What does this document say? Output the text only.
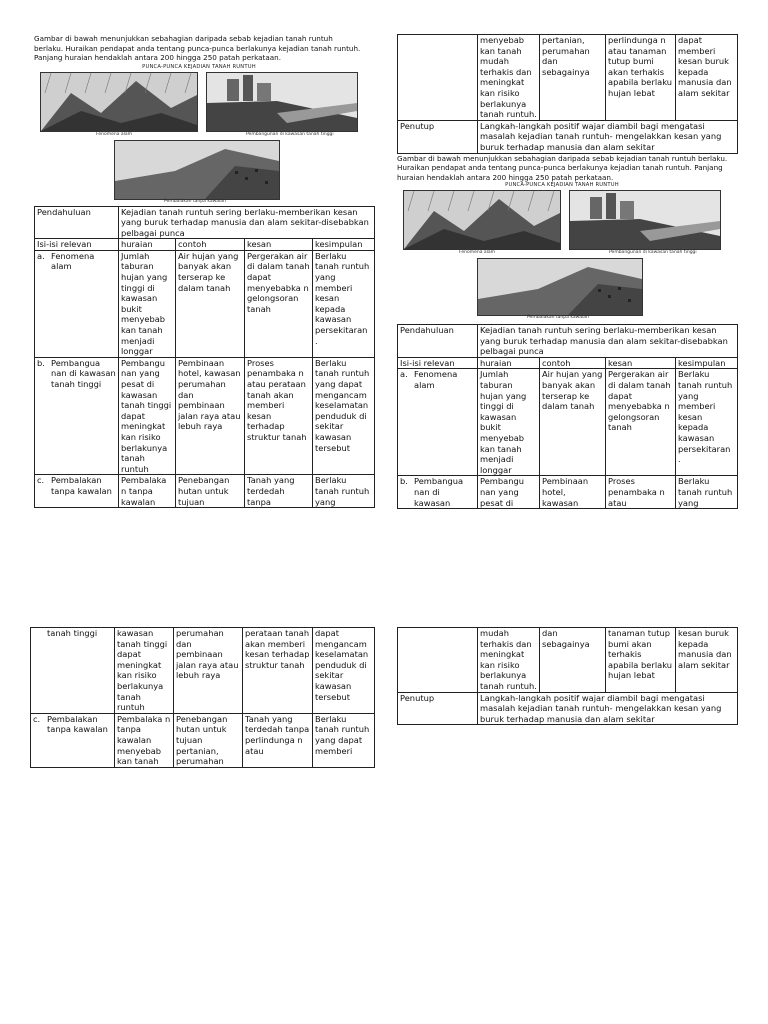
Gambar di bawah menunjukkan sebahagian daripada sebab kejadian tanah runtuh berlaku. Huraikan pendapat anda tentang punca-punca berlakunya kejadian tanah runtuh. Panjang huraian hendaklah antara 200 hingga 250 patah perkataan.

PUNCA-PUNCA KEJADIAN TANAH RUNTUH
Fenomena alam	Pembangunan di kawasan tanah tinggi
Pembalakan tanpa kawalan
Pendahuluan	Kejadian tanah runtuh sering berlaku-memberikan kesan yang buruk terhadap manusia dan alam sekitar-disebabkan pelbagai punca			
Isi-isi relevan	huraian	contoh	kesan	kesimpulan

a. Fenomena alam	Jumlah taburan hujan yang tinggi di kawasan bukit menyebab kan tanah menjadi longgar	Air hujan yang banyak akan terserap ke dalam tanah	Pergerakan air di dalam tanah dapat menyebabka n gelongsoran tanah	Berlaku tanah runtuh yang memberi kesan kepada kawasan persekitaran .

b. Pembangua nan di kawasan tanah tinggi	Pembangu nan yang pesat di kawasan tanah tinggi dapat meningkat kan risiko berlakunya tanah runtuh	Pembinaan hotel, kawasan perumahan dan pembinaan jalan raya atau lebuh raya	Proses penambaka n atau perataan tanah akan memberi kesan terhadap struktur tanah	Berlaku tanah runtuh yang dapat mengancam keselamatan penduduk di sekitar kawasan tersebut

c. Pembalakan tanpa kawalan	Pembalaka n tanpa kawalan	Penebangan hutan untuk tujuan	Tanah yang terdedah tanpa	Berlaku tanah runtuh yang
	menyebab kan tanah mudah terhakis dan meningkat kan risiko berlakunya tanah runtuh.	pertanian, perumahan dan sebagainya	perlindunga n atau tanaman tutup bumi akan terhakis apabila berlaku hujan lebat	dapat memberi kesan buruk kepada manusia dan alam sekitar
Penutup	Langkah-langkah positif wajar diambil bagi mengatasi masalah kejadian tanah runtuh- mengelakkan kesan yang buruk terhadap manusia dan alam sekitar			

Gambar di bawah menunjukkan sebahagian daripada sebab kejadian tanah runtuh berlaku. Huraikan pendapat anda tentang punca-punca berlakunya kejadian tanah runtuh. Panjang huraian hendaklah antara 200 hingga 250 patah perkataan.

PUNCA-PUNCA KEJADIAN TANAH RUNTUH
Fenomena alam	Pembangunan di kawasan tanah tinggi
Pembalakan tanpa kawalan
Pendahuluan	Kejadian tanah runtuh sering berlaku-memberikan kesan yang buruk terhadap manusia dan alam sekitar-disebabkan pelbagai punca			
Isi-isi relevan	huraian	contoh	kesan	kesimpulan

a. Fenomena alam	Jumlah taburan hujan yang tinggi di kawasan bukit menyebab kan tanah menjadi longgar	Air hujan yang banyak akan terserap ke dalam tanah	Pergerakan air di dalam tanah dapat menyebabka n gelongsoran tanah	Berlaku tanah runtuh yang memberi kesan kepada kawasan persekitaran .

b. Pembangua nan di kawasan	Pembangu nan yang pesat di	Pembinaan hotel, kawasan	Proses penambaka n atau	Berlaku tanah runtuh yang
tanah tinggi	kawasan tanah tinggi dapat meningkat kan risiko berlakunya tanah runtuh	perumahan dan pembinaan jalan raya atau lebuh raya	perataan tanah akan memberi kesan terhadap struktur tanah	dapat mengancam keselamatan penduduk di sekitar kawasan tersebut

c. Pembalakan tanpa kawalan	Pembalaka n tanpa kawalan menyebab kan tanah	Penebangan hutan untuk tujuan pertanian, perumahan	Tanah yang terdedah tanpa perlindunga n atau	Berlaku tanah runtuh yang dapat memberi
	mudah terhakis dan meningkat kan risiko berlakunya tanah runtuh.	dan sebagainya	tanaman tutup bumi akan terhakis apabila berlaku hujan lebat	kesan buruk kepada manusia dan alam sekitar
Penutup	Langkah-langkah positif wajar diambil bagi mengatasi masalah kejadian tanah runtuh- mengelakkan kesan yang buruk terhadap manusia dan alam sekitar			
